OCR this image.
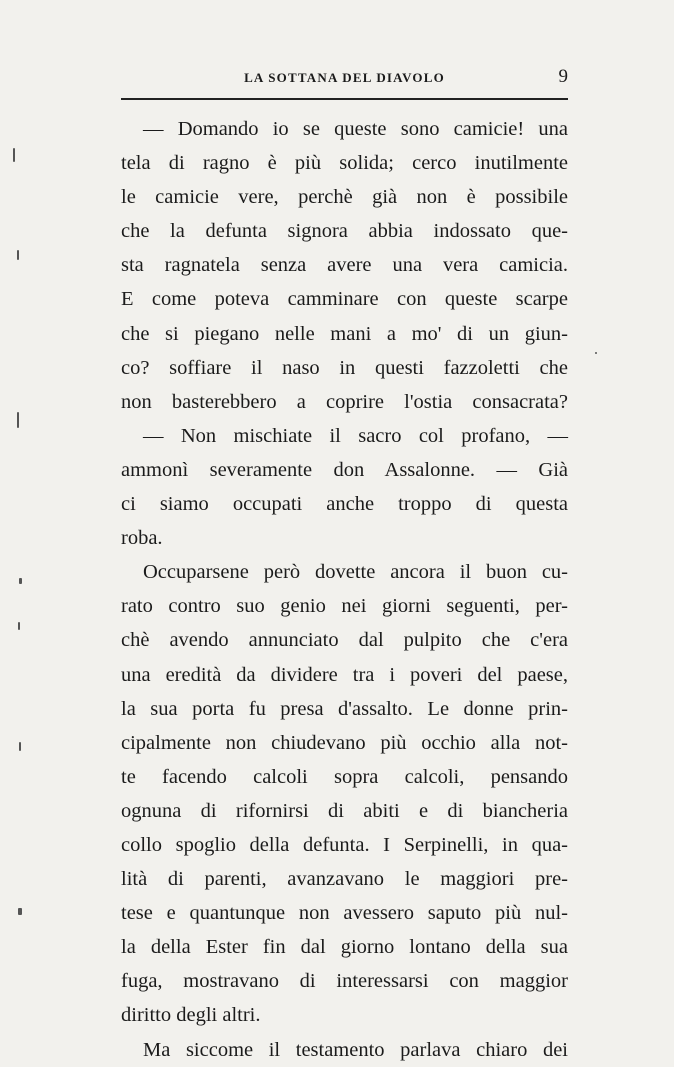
LA SOTTANA DEL DIAVOLO	9
— Domando io se queste sono camicie! una
tela di ragno è più solida; cerco inutilmente
le camicie vere, perchè già non è possibile
che la defunta signora abbia indossato que-
sta ragnatela senza avere una vera camicia.
E come poteva camminare con queste scarpe
che si piegano nelle mani a mo' di un giun-
co? soffiare il naso in questi fazzoletti che
non basterebbero a coprire l'ostia consacrata?
— Non mischiate il sacro col profano, —
ammonì severamente don Assalonne. — Già
ci siamo occupati anche troppo di questa
roba.
Occuparsene però dovette ancora il buon cu-
rato contro suo genio nei giorni seguenti, per-
chè avendo annunciato dal pulpito che c'era
una eredità da dividere tra i poveri del paese,
la sua porta fu presa d'assalto. Le donne prin-
cipalmente non chiudevano più occhio alla not-
te facendo calcoli sopra calcoli, pensando
ognuna di rifornirsi di abiti e di biancheria
collo spoglio della defunta. I Serpinelli, in qua-
lità di parenti, avanzavano le maggiori pre-
tese e quantunque non avessero saputo più nul-
la della Ester fin dal giorno lontano della sua
fuga, mostravano di interessarsi con maggior
diritto degli altri.
Ma siccome il testamento parlava chiaro dei
